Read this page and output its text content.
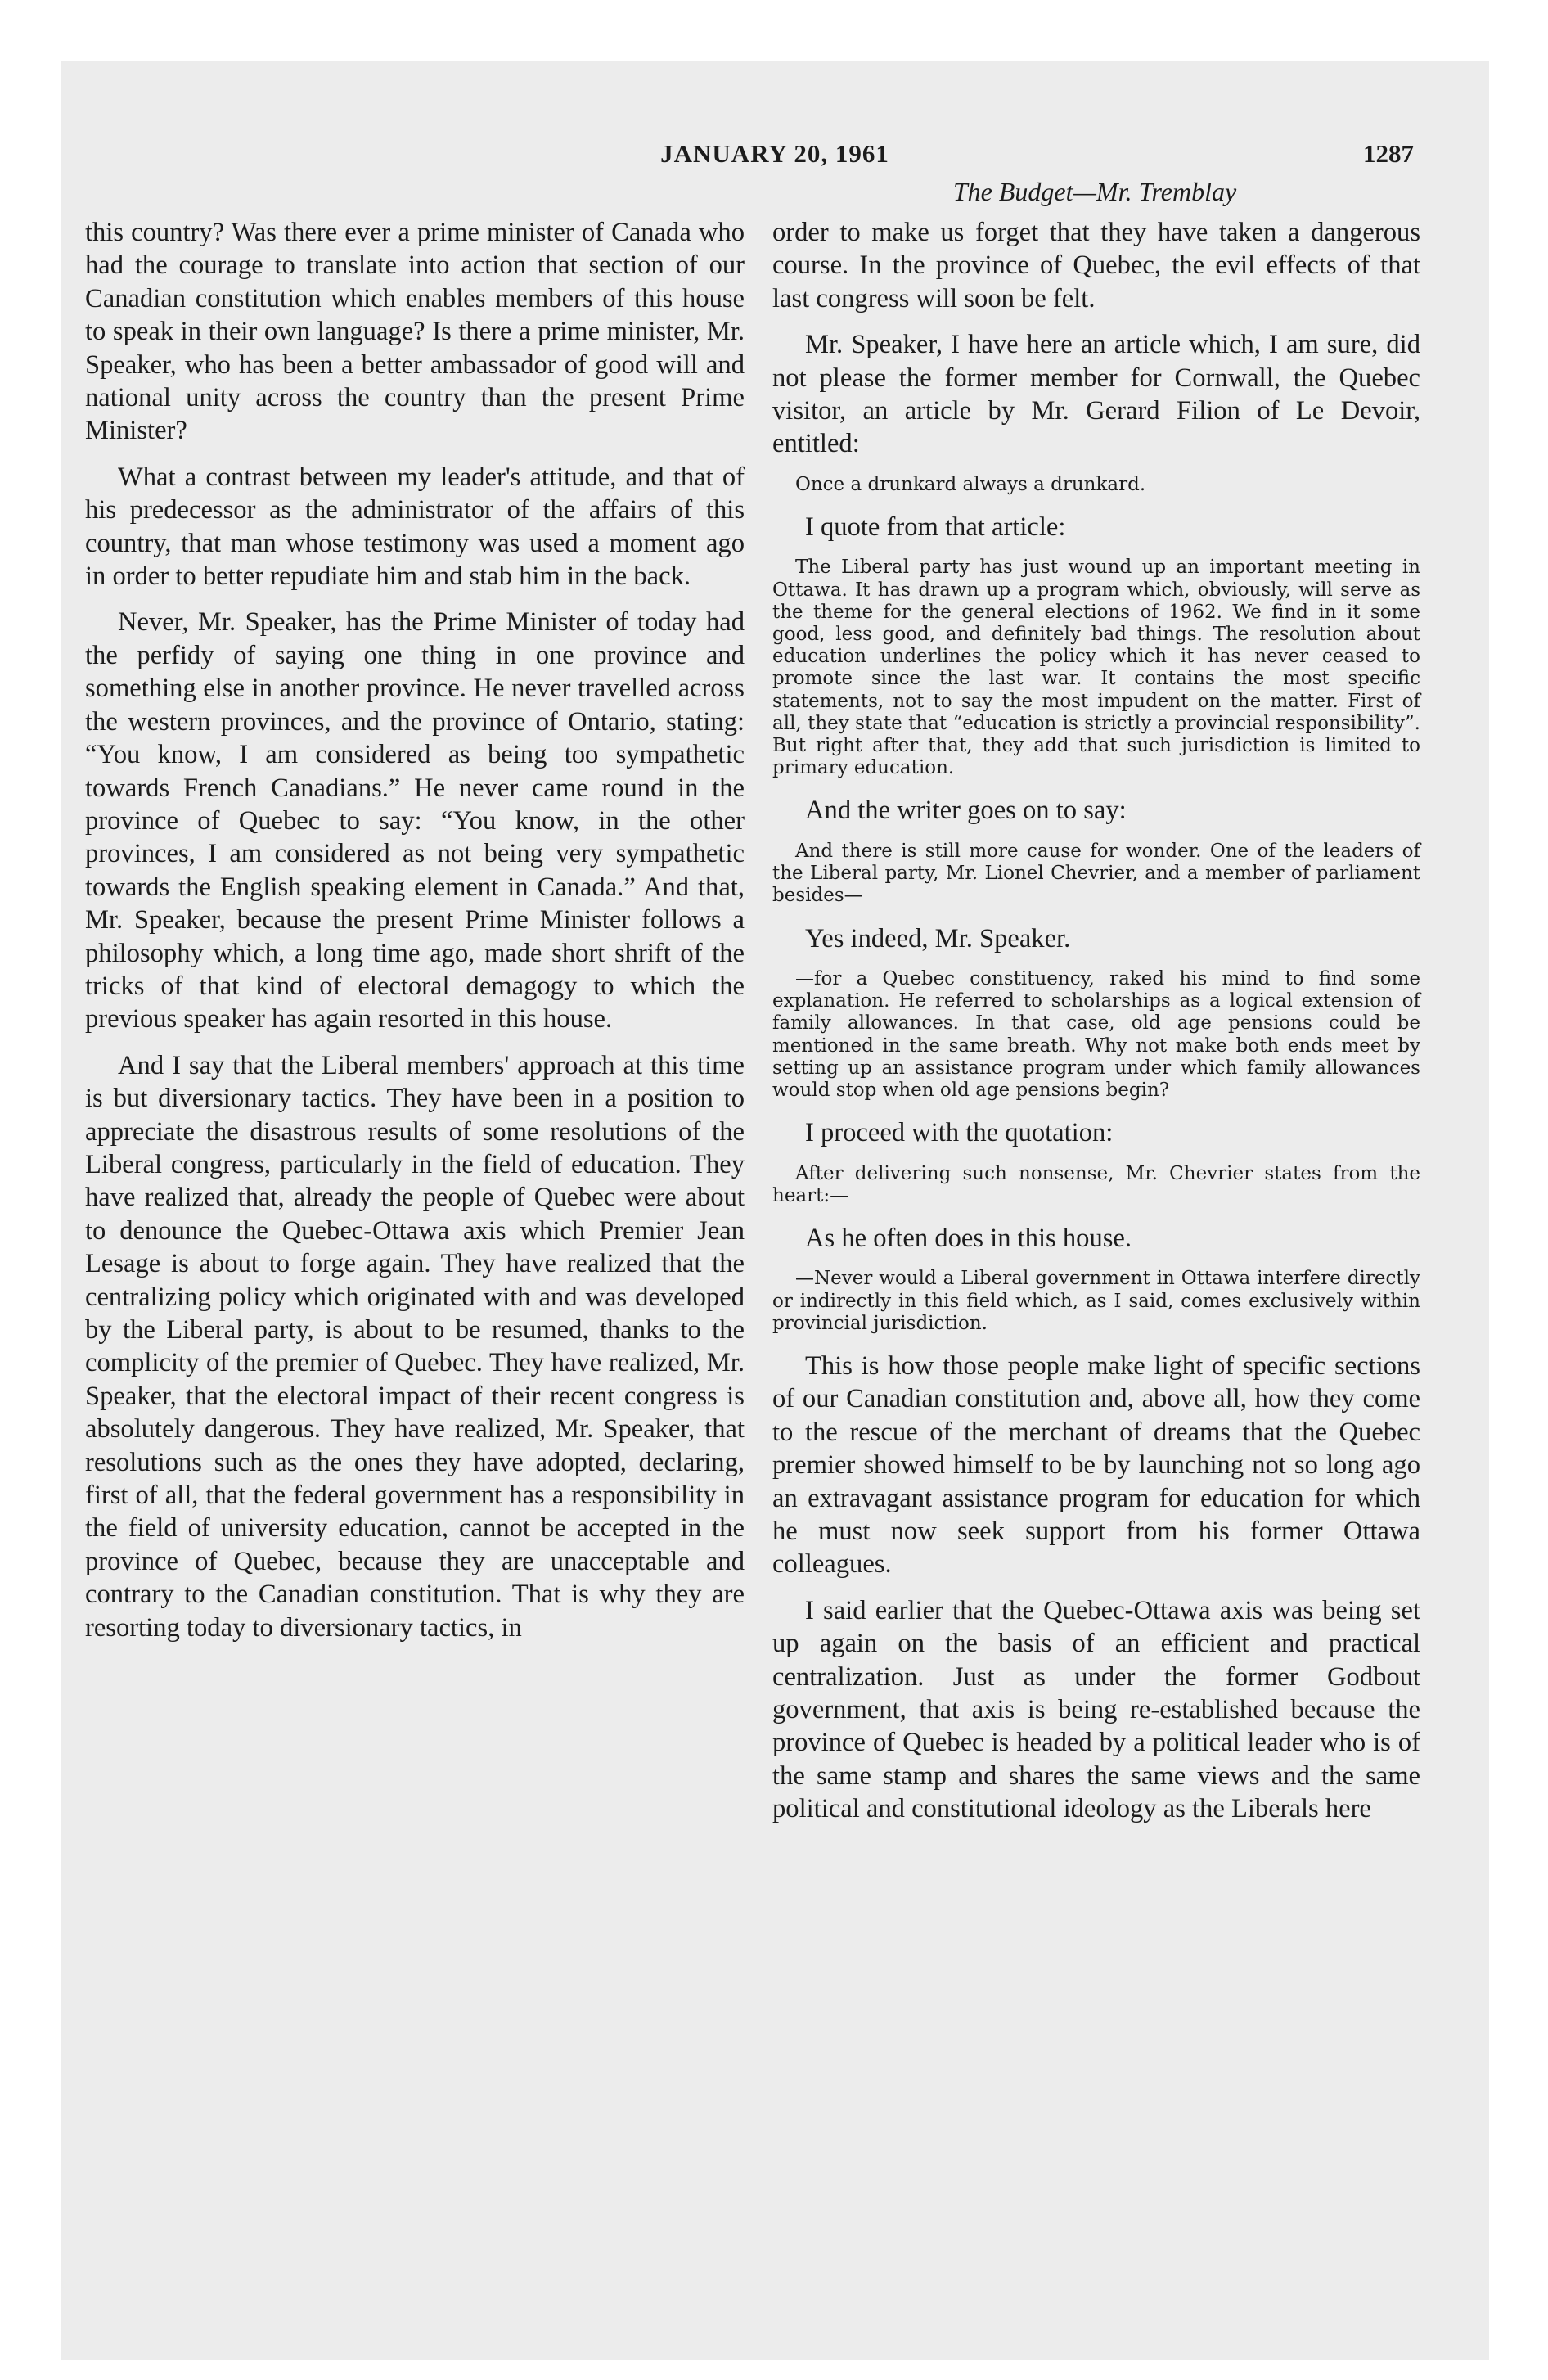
JANUARY 20, 1961	1287
The Budget—Mr. Tremblay

this country? Was there ever a prime minister of Canada who had the courage to translate into action that section of our Canadian constitution which enables members of this house to speak in their own language? Is there a prime minister, Mr. Speaker, who has been a better ambassador of good will and national unity across the country than the present Prime Minister?

What a contrast between my leader's attitude, and that of his predecessor as the administrator of the affairs of this country, that man whose testimony was used a moment ago in order to better repudiate him and stab him in the back.

Never, Mr. Speaker, has the Prime Minister of today had the perfidy of saying one thing in one province and something else in another province. He never travelled across the western provinces, and the province of Ontario, stating: “You know, I am considered as being too sympathetic towards French Canadians.” He never came round in the province of Quebec to say: “You know, in the other provinces, I am considered as not being very sympathetic towards the English speaking element in Canada.” And that, Mr. Speaker, because the present Prime Minister follows a philosophy which, a long time ago, made short shrift of the tricks of that kind of electoral demagogy to which the previous speaker has again resorted in this house.

And I say that the Liberal members' approach at this time is but diversionary tactics. They have been in a position to appreciate the disastrous results of some resolutions of the Liberal congress, particularly in the field of education. They have realized that, already the people of Quebec were about to denounce the Quebec-Ottawa axis which Premier Jean Lesage is about to forge again. They have realized that the centralizing policy which originated with and was developed by the Liberal party, is about to be resumed, thanks to the complicity of the premier of Quebec. They have realized, Mr. Speaker, that the electoral impact of their recent congress is absolutely dangerous. They have realized, Mr. Speaker, that resolutions such as the ones they have adopted, declaring, first of all, that the federal government has a responsibility in the field of university education, cannot be accepted in the province of Quebec, because they are unacceptable and contrary to the Canadian constitution. That is why they are resorting today to diversionary tactics, in

order to make us forget that they have taken a dangerous course. In the province of Quebec, the evil effects of that last congress will soon be felt.

Mr. Speaker, I have here an article which, I am sure, did not please the former member for Cornwall, the Quebec visitor, an article by Mr. Gerard Filion of Le Devoir, entitled:

Once a drunkard always a drunkard.

I quote from that article:

The Liberal party has just wound up an important meeting in Ottawa. It has drawn up a program which, obviously, will serve as the theme for the general elections of 1962. We find in it some good, less good, and definitely bad things. The resolution about education underlines the policy which it has never ceased to promote since the last war. It contains the most specific statements, not to say the most impudent on the matter. First of all, they state that “education is strictly a provincial responsibility”. But right after that, they add that such jurisdiction is limited to primary education.

And the writer goes on to say:

And there is still more cause for wonder. One of the leaders of the Liberal party, Mr. Lionel Chevrier, and a member of parliament besides—

Yes indeed, Mr. Speaker.

—for a Quebec constituency, raked his mind to find some explanation. He referred to scholarships as a logical extension of family allowances. In that case, old age pensions could be mentioned in the same breath. Why not make both ends meet by setting up an assistance program under which family allowances would stop when old age pensions begin?

I proceed with the quotation:

After delivering such nonsense, Mr. Chevrier states from the heart:—

As he often does in this house.

—Never would a Liberal government in Ottawa interfere directly or indirectly in this field which, as I said, comes exclusively within provincial jurisdiction.

This is how those people make light of specific sections of our Canadian constitution and, above all, how they come to the rescue of the merchant of dreams that the Quebec premier showed himself to be by launching not so long ago an extravagant assistance program for education for which he must now seek support from his former Ottawa colleagues.

I said earlier that the Quebec-Ottawa axis was being set up again on the basis of an efficient and practical centralization. Just as under the former Godbout government, that axis is being re-established because the province of Quebec is headed by a political leader who is of the same stamp and shares the same views and the same political and constitutional ideology as the Liberals here
